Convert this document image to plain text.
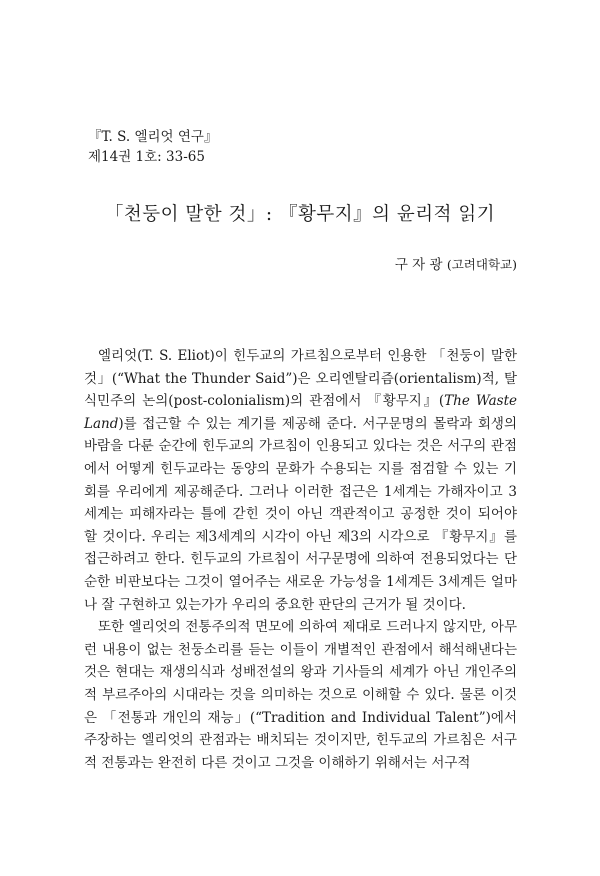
『T. S. 엘리엇 연구』
제14권 1호: 33-65
「천둥이 말한 것」: 『황무지』의 윤리적 읽기
구 자 광 (고려대학교)

엘리엇(T. S. Eliot)이 힌두교의 가르침으로부터 인용한 「천둥이 말한 것」(“What the Thunder Said”)은 오리엔탈리즘(orientalism)적, 탈식민주의 논의(post-colonialism)의 관점에서 『황무지』(The Waste Land)를 접근할 수 있는 계기를 제공해 준다. 서구문명의 몰락과 회생의 바람을 다룬 순간에 힌두교의 가르침이 인용되고 있다는 것은 서구의 관점에서 어떻게 힌두교라는 동양의 문화가 수용되는 지를 점검할 수 있는 기회를 우리에게 제공해준다. 그러나 이러한 접근은 1세계는 가해자이고 3세계는 피해자라는 틀에 갇힌 것이 아닌 객관적이고 공정한 것이 되어야 할 것이다. 우리는 제3세계의 시각이 아닌 제3의 시각으로 『황무지』를 접근하려고 한다. 힌두교의 가르침이 서구문명에 의하여 전용되었다는 단순한 비판보다는 그것이 열어주는 새로운 가능성을 1세계든 3세계든 얼마나 잘 구현하고 있는가가 우리의 중요한 판단의 근거가 될 것이다.

또한 엘리엇의 전통주의적 면모에 의하여 제대로 드러나지 않지만, 아무런 내용이 없는 천둥소리를 듣는 이들이 개별적인 관점에서 해석해낸다는 것은 현대는 재생의식과 성배전설의 왕과 기사들의 세계가 아닌 개인주의적 부르주아의 시대라는 것을 의미하는 것으로 이해할 수 있다. 물론 이것은 「전통과 개인의 재능」(“Tradition and Individual Talent”)에서 주장하는 엘리엇의 관점과는 배치되는 것이지만, 힌두교의 가르침은 서구적 전통과는 완전히 다른 것이고 그것을 이해하기 위해서는 서구적
